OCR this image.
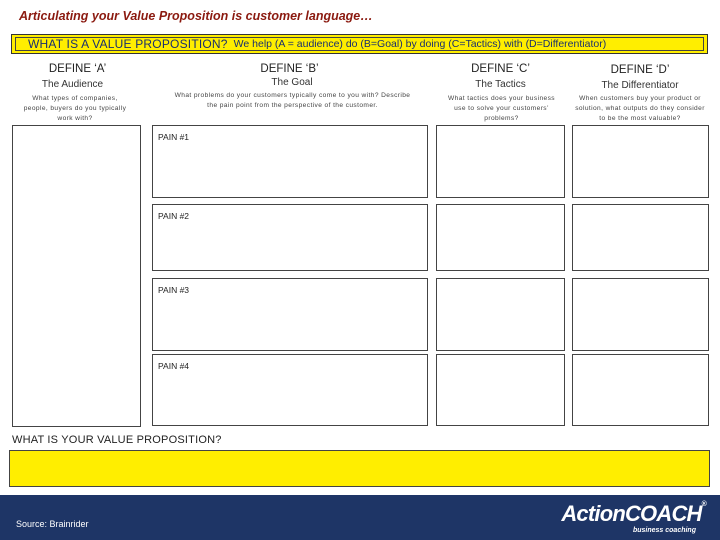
Articulating your Value Proposition is customer language…
WHAT IS A VALUE PROPOSITION? We help (A = audience) do (B=Goal) by doing (C=Tactics) with (D=Differentiator)
DEFINE ‘A’
The Audience
What types of companies, people, buyers do you typically work with?
DEFINE ‘B’
The Goal
What problems do your customers typically come to you with? Describe the pain point from the perspective of the customer.
DEFINE ‘C’
The Tactics
What tactics does your business use to solve your customers’ problems?
DEFINE ‘D’
The Differentiator
When customers buy your product or solution, what outputs do they consider to be the most valuable?
PAIN #1
PAIN #2
PAIN #3
PAIN #4
WHAT IS YOUR VALUE PROPOSITION?
Source: Brainrider	ActionCOACH®
business coaching
